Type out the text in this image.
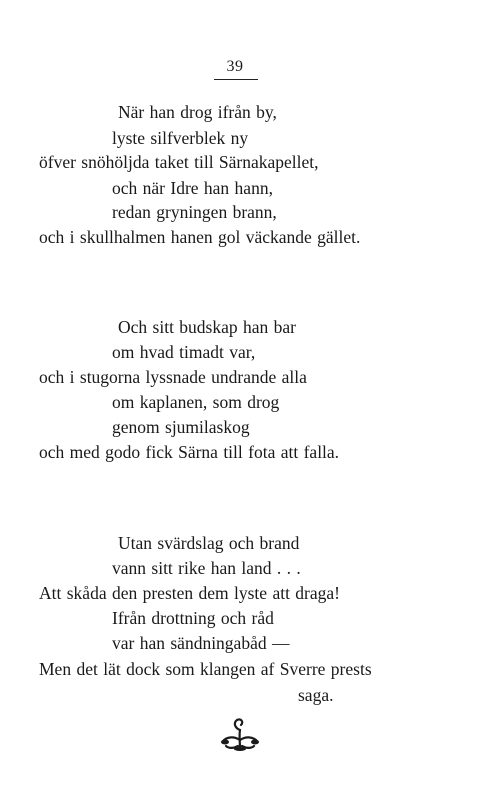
39
När han drog ifrån by,
lyste silfverblek ny
öfver snöhöljda taket till Särnakapellet,
och när Idre han hann,
redan gryningen brann,
och i skullhalmen hanen gol väckande gället.
Och sitt budskap han bar
om hvad timadt var,
och i stugorna lyssnade undrande alla
om kaplanen, som drog
genom sjumilaskog
och med godo fick Särna till fota att falla.
Utan svärdslag och brand
vann sitt rike han land . . .
Att skåda den presten dem lyste att draga!
Ifrån drottning och råd
var han sändningabåd —
Men det lät dock som klangen af Sverre prests
saga.
